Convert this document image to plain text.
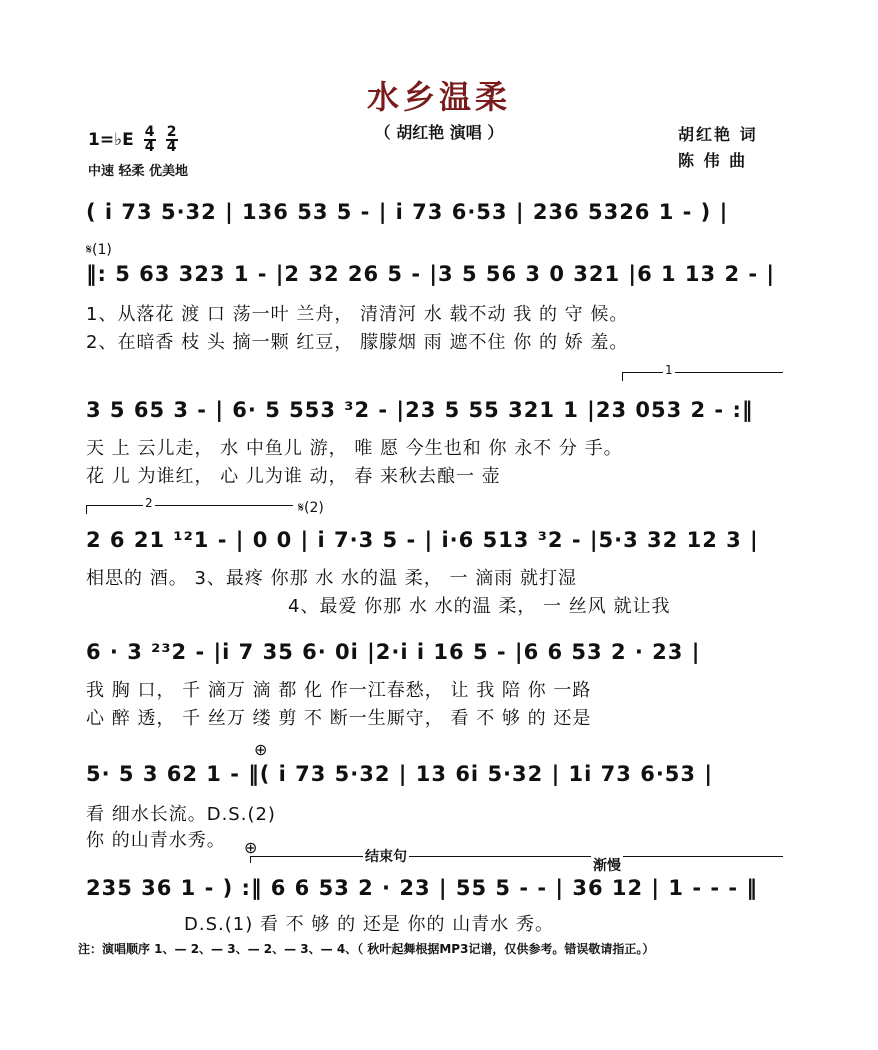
水乡温柔
（ 胡红艳 演唱 ）
1=♭E $\frac{4}{4} \frac{2}{4}$
中速 轻柔 优美地
胡红艳 词
陈 伟 曲
( i 73 5·32 | 136 53 5 - | i 73 6·53 | 236 5326 1 - ) |
𝄋(1)
‖: 5 63 323 1 - |2 32 26 5 - |3 5 56 3 0 321 |6 1 13 2 - |
1、从落花 渡 口 荡一叶 兰舟， 清清河 水 载不动 我 的 守 候。
2、在暗香 枝 头 摘一颗 红豆， 朦朦烟 雨 遮不住 你 的 娇 羞。
1
3 5 65 3 - | 6· 5 553 ³2 - |23 5 55 321 1 |23 053 2 - :‖
天 上 云儿走， 水 中鱼儿 游， 唯 愿 今生也和 你 永不 分 手。
花 儿 为谁红， 心 儿为谁 动， 春 来秋去酿一 壶
2	𝄋(2)
2 6 21 ¹²1 - | 0 0 | i 7·3 5 - | i·6 513 ³2 - |5·3 32 12 3 |
相思的 酒。 3、最疼 你那 水 水的温 柔， 一 滴雨 就打湿
4、最爱 你那 水 水的温 柔， 一 丝风 就让我
6 · 3 ²³2 - |i 7 35 6· 0i |2·i i 16 5 - |6 6 53 2 · 23 |
我 胸 口， 千 滴万 滴 都 化 作一江春愁， 让 我 陪 你 一路
心 醉 透， 千 丝万 缕 剪 不 断一生厮守， 看 不 够 的 还是
⊕
5· 5 3 62 1 - ‖( i 73 5·32 | 13 6i 5·32 | 1i 73 6·53 |
看 细水长流。D.S.(2)
你 的山青水秀。 ⊕	结束句
渐慢
235 36 1 - ) :‖ 6 6 53 2 · 23 | 55 5 - - | 36 12 | 1 - - - ‖
D.S.(1) 看 不 够 的 还是 你的 山青水 秀。
注：演唱顺序 1、— 2、— 3、— 2、— 3、— 4、（ 秋叶起舞根据MP3记谱，仅供参考。错误敬请指正。）
